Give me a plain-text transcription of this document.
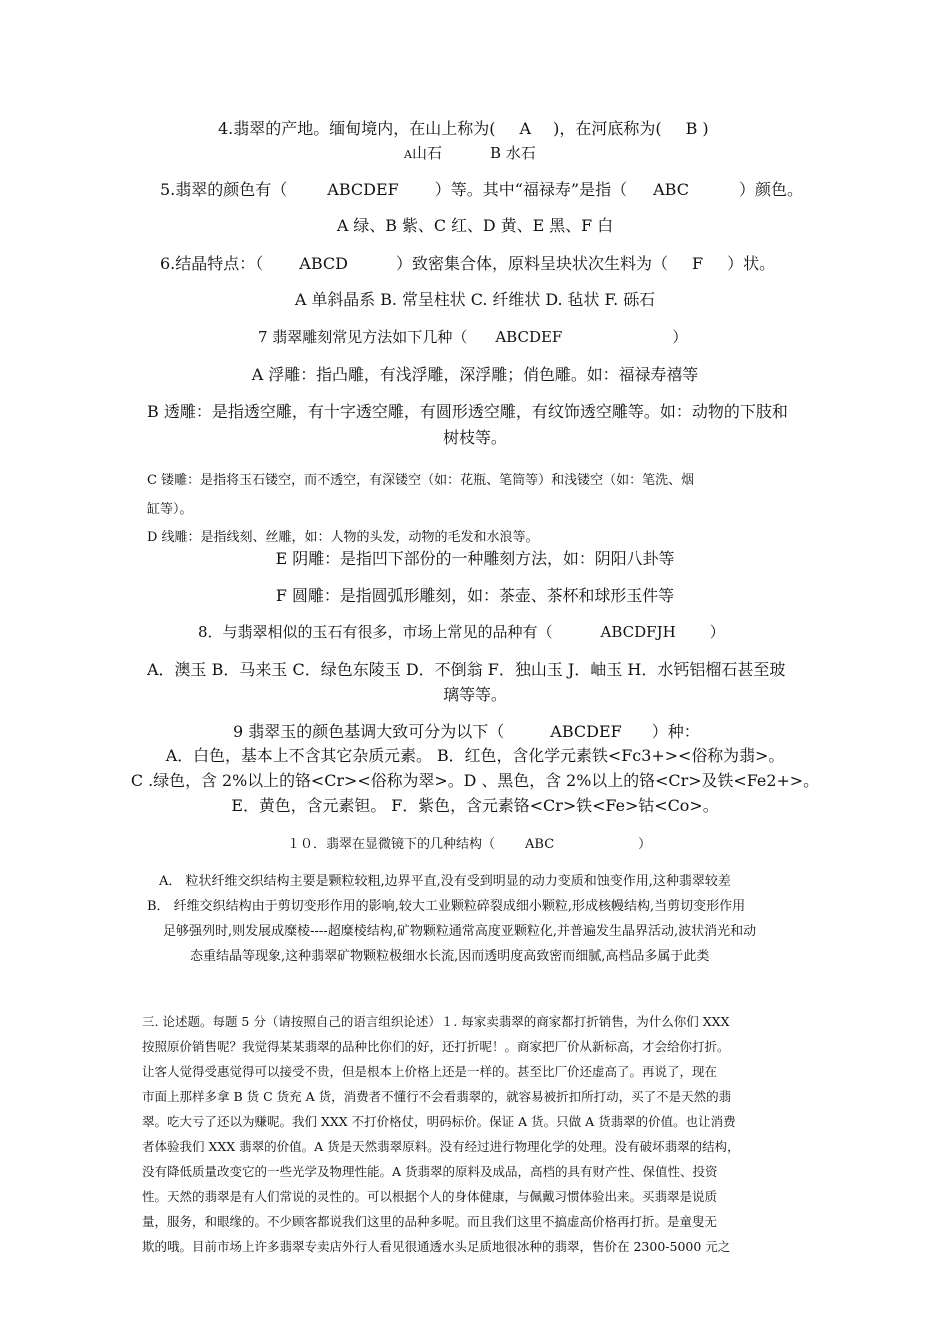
4.翡翠的产地。缅甸境内，在山上称为( A )，在河底称为( B )
A山石	B 水石
5.翡翠的颜色有（	ABCDEF ）等。其中“福禄寿”是指（ ABC	）颜色。
A 绿、B 紫、C 红、D 黄、E 黑、F 白
6.结晶特点：（ ABCD	）致密集合体，原料呈块状次生料为（ F ）状。
A 单斜晶系 B. 常呈柱状 C. 纤维状 D. 毡状 F. 砾石
7 翡翠雕刻常见方法如下几种（ ABCDEF	）
A 浮雕：指凸雕，有浅浮雕，深浮雕；俏色雕。如：福禄寿禧等
B 透雕：是指透空雕，有十字透空雕，有圆形透空雕，有纹饰透空雕等。如：动物的下肢和
树枝等。
C 镂雕：是指将玉石镂空，而不透空，有深镂空（如：花瓶、笔筒等）和浅镂空（如：笔洗、烟
缸等）。
D 线雕：是指线刻、丝雕，如：人物的头发，动物的毛发和水浪等。
E 阴雕：是指凹下部份的一种雕刻方法，如：阴阳八卦等
F 圆雕：是指圆弧形雕刻，如：茶壶、茶杯和球形玉件等
8．与翡翠相似的玉石有很多，市场上常见的品种有（	ABCDFJH ）
A．澳玉 B．马来玉 C．绿色东陵玉 D．不倒翁 F．独山玉 J．岫玉 H．水钙铝榴石甚至玻
璃等等。
9 翡翠玉的颜色基调大致可分为以下（	ABCDEF ）种：
A．白色，基本上不含其它杂质元素。 B．红色，含化学元素铁<Fc3+><俗称为翡>。
C .绿色，含 2%以上的铬<Cr><俗称为翠>。D 、黑色，含 2%以上的铬<Cr>及铁<Fe2+>。
E．黄色，含元素钽。 F．紫色，含元素铬<Cr>铁<Fe>钴<Co>。
１０．翡翠在显微镜下的几种结构（ ABC	）
A． 粒状纤维交织结构主要是颗粒较粗,边界平直,没有受到明显的动力变质和蚀变作用,这种翡翠较差
B． 纤维交织结构由于剪切变形作用的影响,较大工业颗粒碎裂成细小颗粒,形成核幔结构,当剪切变形作用
足够强列时,则发展成糜棱----超糜棱结构,矿物颗粒通常高度亚颗粒化,并普遍发生晶界活动,波状消光和动
态重结晶等现象,这种翡翠矿物颗粒极细水长流,因而透明度高致密而细腻,高档品多属于此类
三. 论述题。每题 5 分（请按照自己的语言组织论述）１. 每家卖翡翠的商家都打折销售，为什么你们 XXX
按照原价销售呢？我觉得某某翡翠的品种比你们的好，还打折呢！。商家把厂价从新标高，才会给你打折。
让客人觉得受惠觉得可以接受不贵，但是根本上价格上还是一样的。甚至比厂价还虚高了。再说了，现在
市面上那样多拿 B 货 C 货充 A 货，消费者不懂行不会看翡翠的，就容易被折扣所打动，买了不是天然的翡
翠。吃大亏了还以为赚呢。我们 XXX 不打价格仗，明码标价。保证 A 货。只做 A 货翡翠的价值。也让消费
者体验我们 XXX 翡翠的价值。A 货是天然翡翠原料。没有经过进行物理化学的处理。没有破坏翡翠的结构，
没有降低质量改变它的一些光学及物理性能。A 货翡翠的原料及成品，高档的具有财产性、保值性、投资
性。天然的翡翠是有人们常说的灵性的。可以根据个人的身体健康，与佩戴习惯体验出来。买翡翠是说质
量，服务，和眼缘的。不少顾客都说我们这里的品种多呢。而且我们这里不搞虚高价格再打折。是童叟无
欺的哦。目前市场上许多翡翠专卖店外行人看见很通透水头足质地很冰种的翡翠，售价在 2300-5000 元之
